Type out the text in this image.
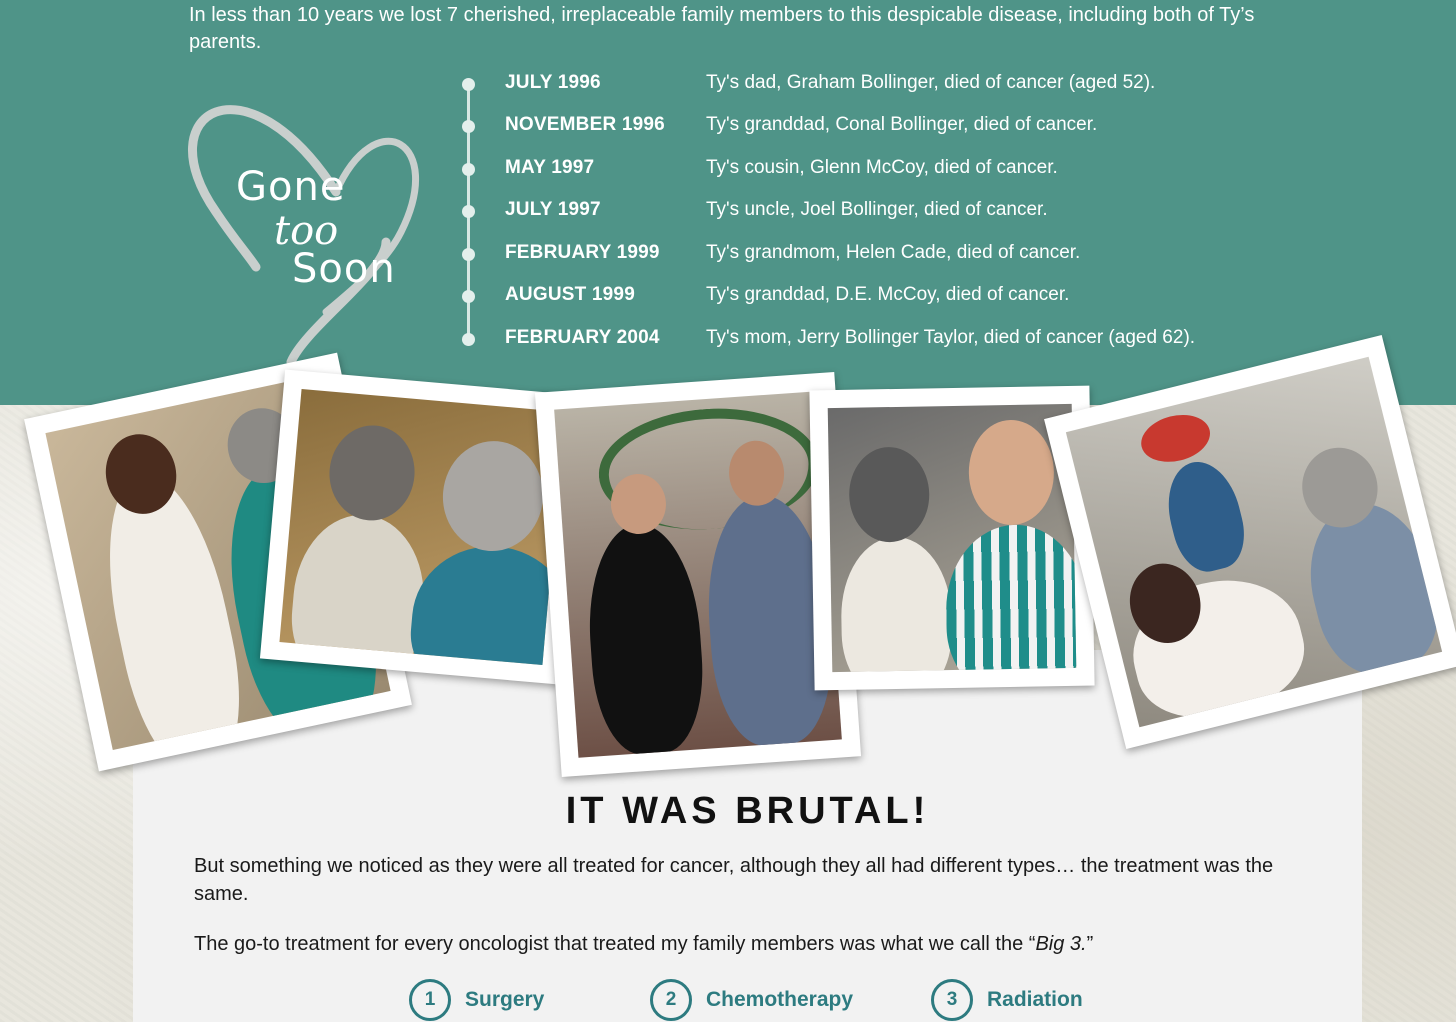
In less than 10 years we lost 7 cherished, irreplaceable family members to this despicable disease, including both of Ty’s parents.

Gone
too
Soon
JULY 1996	Ty's dad, Graham Bollinger, died of cancer (aged 52).
NOVEMBER 1996 Ty's granddad, Conal Bollinger, died of cancer.
MAY 1997	Ty's cousin, Glenn McCoy, died of cancer.
JULY 1997	Ty's uncle, Joel Bollinger, died of cancer.
FEBRUARY 1999 Ty's grandmom, Helen Cade, died of cancer.
AUGUST 1999	Ty's granddad, D.E. McCoy, died of cancer.
FEBRUARY 2004 Ty's mom, Jerry Bollinger Taylor, died of cancer (aged 62).
IT WAS BRUTAL!

But something we noticed as they were all treated for cancer, although they all had different types… the treatment was the same.

The go-to treatment for every oncologist that treated my family members was what we call the “Big 3.”

1	Surgery	2	Chemotherapy	3	Radiation
